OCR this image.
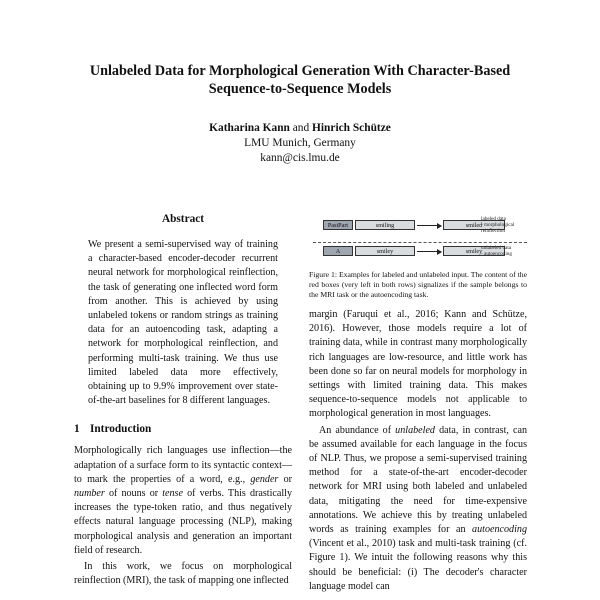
Unlabeled Data for Morphological Generation With Character-Based
Sequence-to-Sequence Models
Katharina Kann and Hinrich Schütze
LMU Munich, Germany
kann@cis.lmu.de
Abstract

We present a semi-supervised way of training a character-based encoder-decoder recurrent neural network for morphological reinflection, the task of generating one inflected word form from another. This is achieved by using unlabeled tokens or random strings as training data for an autoencoding task, adapting a network for morphological reinflection, and performing multi-task training. We thus use limited labeled data more effectively, obtaining up to 9.9% improvement over state-of-the-art baselines for 8 different languages.

1 Introduction

Morphologically rich languages use inflection—the adaptation of a surface form to its syntactic context—to mark the properties of a word, e.g., gender or number of nouns or tense of verbs. This drastically increases the type-token ratio, and thus negatively effects natural language processing (NLP), making morphological analysis and generation an important field of research.

In this work, we focus on morphological reinflection (MRI), the task of mapping one inflected

PastPart	smiling	smiled
labeled data
- morphological
reinflection
A	smiley	smiley
unlabeled data
- autoencoding

Figure 1: Examples for labeled and unlabeled input. The content of the red boxes (very left in both rows) signalizes if the sample belongs to the MRI task or the autoencoding task.

margin (Faruqui et al., 2016; Kann and Schütze, 2016). However, those models require a lot of training data, while in contrast many morphologically rich languages are low-resource, and little work has been done so far on neural models for morphology in settings with limited training data. This makes sequence-to-sequence models not applicable to morphological generation in most languages.

An abundance of unlabeled data, in contrast, can be assumed available for each language in the focus of NLP. Thus, we propose a semi-supervised training method for a state-of-the-art encoder-decoder network for MRI using both labeled and unlabeled data, mitigating the need for time-expensive annotations. We achieve this by treating unlabeled words as training examples for an autoencoding (Vincent et al., 2010) task and multi-task training (cf. Figure 1). We intuit the following reasons why this should be beneficial: (i) The decoder's character language model can
